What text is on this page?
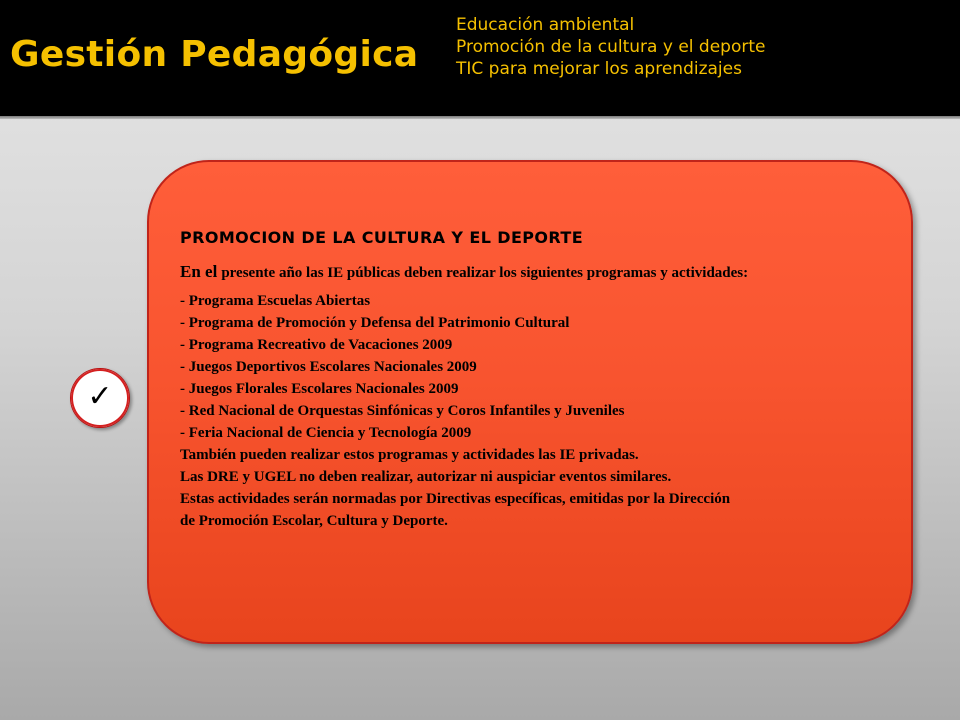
Gestión Pedagógica
Educación ambiental
Promoción de la cultura y el deporte
TIC para mejorar los aprendizajes
✓
PROMOCION DE LA CULTURA Y EL DEPORTE
En el presente año las IE públicas deben realizar los siguientes programas y actividades:
- Programa Escuelas Abiertas
- Programa de Promoción y Defensa del Patrimonio Cultural
- Programa Recreativo de Vacaciones 2009
- Juegos Deportivos Escolares Nacionales 2009
- Juegos Florales Escolares Nacionales 2009
- Red Nacional de Orquestas Sinfónicas y Coros Infantiles y Juveniles
- Feria Nacional de Ciencia y Tecnología 2009
También pueden realizar estos programas y actividades las IE privadas.
Las DRE y UGEL no deben realizar, autorizar ni auspiciar eventos similares.
Estas actividades serán normadas por Directivas específicas, emitidas por la Dirección
de Promoción Escolar, Cultura y Deporte.
